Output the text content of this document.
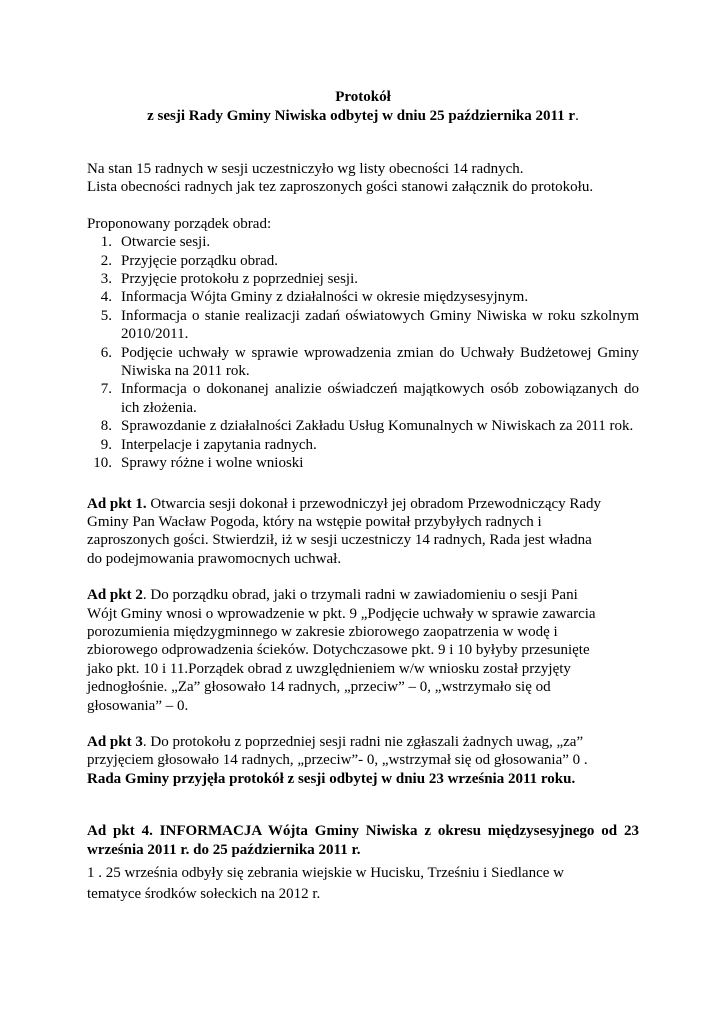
Protokół
z sesji Rady Gminy Niwiska odbytej w dniu 25 października 2011 r.
Na stan 15 radnych w sesji uczestniczyło wg listy obecności 14 radnych.
Lista obecności radnych jak tez zaproszonych gości stanowi załącznik do protokołu.
Proponowany porządek obrad:
1. Otwarcie sesji.
2. Przyjęcie porządku obrad.
3. Przyjęcie protokołu z poprzedniej sesji.
4. Informacja Wójta Gminy z działalności w okresie międzysesyjnym.
5. Informacja o stanie realizacji zadań oświatowych Gminy Niwiska w roku szkolnym 2010/2011.
6. Podjęcie uchwały w sprawie wprowadzenia zmian do Uchwały Budżetowej Gminy Niwiska na 2011 rok.
7. Informacja o dokonanej analizie oświadczeń majątkowych osób zobowiązanych do ich złożenia.
8. Sprawozdanie z działalności Zakładu Usług Komunalnych w Niwiskach za 2011 rok.
9. Interpelacje i zapytania radnych.
10. Sprawy różne i wolne wnioski
Ad pkt 1. Otwarcia sesji dokonał i przewodniczył jej obradom Przewodniczący Rady
Gminy Pan Wacław Pogoda, który na wstępie powitał przybyłych radnych i
zaproszonych gości. Stwierdził, iż w sesji uczestniczy 14 radnych, Rada jest władna
do podejmowania prawomocnych uchwał.
Ad pkt 2. Do porządku obrad, jaki o trzymali radni w zawiadomieniu o sesji Pani
Wójt Gminy wnosi o wprowadzenie w pkt. 9 „Podjęcie uchwały w sprawie zawarcia
porozumienia międzygminnego w zakresie zbiorowego zaopatrzenia w wodę i
zbiorowego odprowadzenia ścieków. Dotychczasowe pkt. 9 i 10 byłyby przesunięte
jako pkt. 10 i 11.Porządek obrad z uwzględnieniem w/w wniosku został przyjęty
jednogłośnie. „Za” głosowało 14 radnych, „przeciw” – 0, „wstrzymało się od
głosowania” – 0.
Ad pkt 3. Do protokołu z poprzedniej sesji radni nie zgłaszali żadnych uwag, „za”
przyjęciem głosowało 14 radnych, „przeciw”- 0, „wstrzymał się od głosowania” 0 .
Rada Gminy przyjęła protokół z sesji odbytej w dniu 23 września 2011 roku.
Ad pkt 4. INFORMACJA Wójta Gminy Niwiska z okresu międzysesyjnego od 23 września 2011 r. do 25 października 2011 r.
1 . 25 września odbyły się zebrania wiejskie w Hucisku, Trześniu i Siedlance w
tematyce środków sołeckich na 2012 r.
